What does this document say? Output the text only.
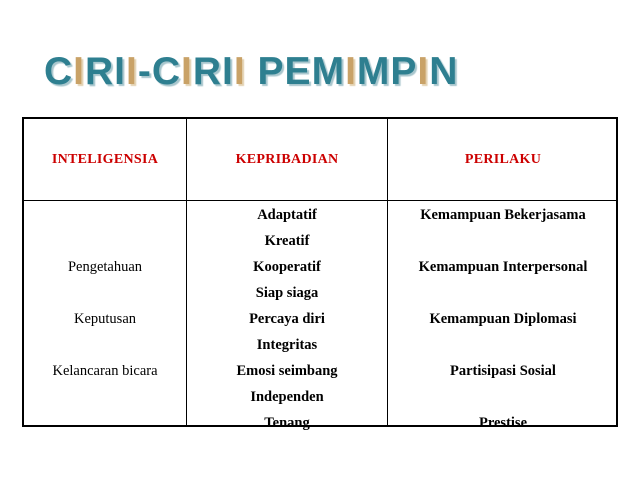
CIRII-CIRII PEMIMPIN
INTELIGENSIA	KEPRIBADIAN	PERILAKU
Pengetahuan
Keputusan
Kelancaran bicara
Adaptatif
Kreatif
Kooperatif
Siap siaga
Percaya diri
Integritas
Emosi seimbang
Independen
Tenang
Kemampuan Bekerjasama
Kemampuan Interpersonal
Kemampuan Diplomasi
Partisipasi Sosial
Prestise
